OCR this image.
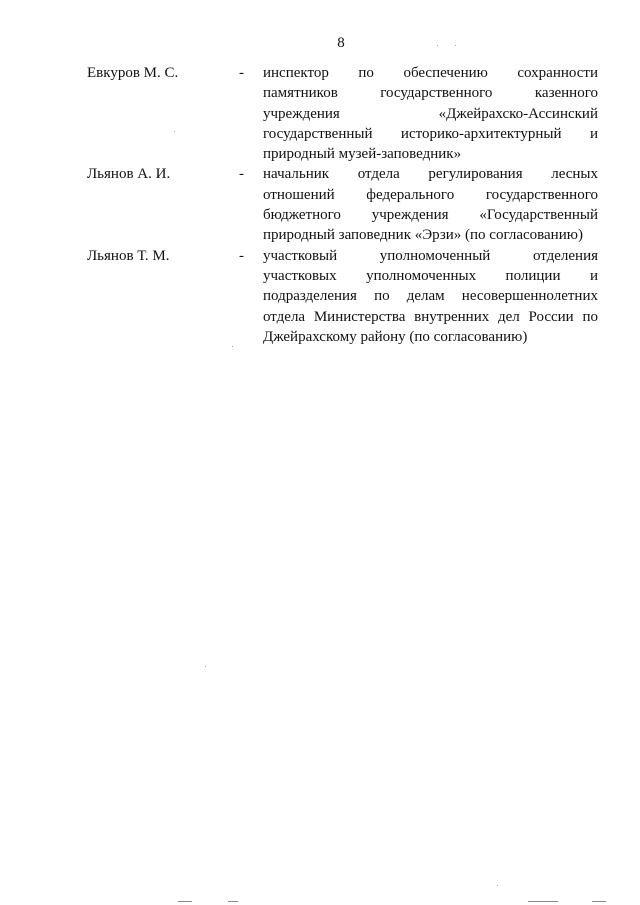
8
Евкуров М. С.	- инспектор по обеспечению сохранности
памятников государственного казенного
учреждения «Джейрахско-Ассинский
государственный историко-архитектурный и
природный музей-заповедник»
Льянов А. И.	- начальник отдела регулирования лесных
отношений федерального государственного
бюджетного учреждения «Государственный
природный заповедник «Эрзи» (по согласованию)
Льянов Т. М.	- участковый уполномоченный отделения
участковых уполномоченных полиции и
подразделения по делам несовершеннолетних
отдела Министерства внутренних дел России по
Джейрахскому району (по согласованию)
